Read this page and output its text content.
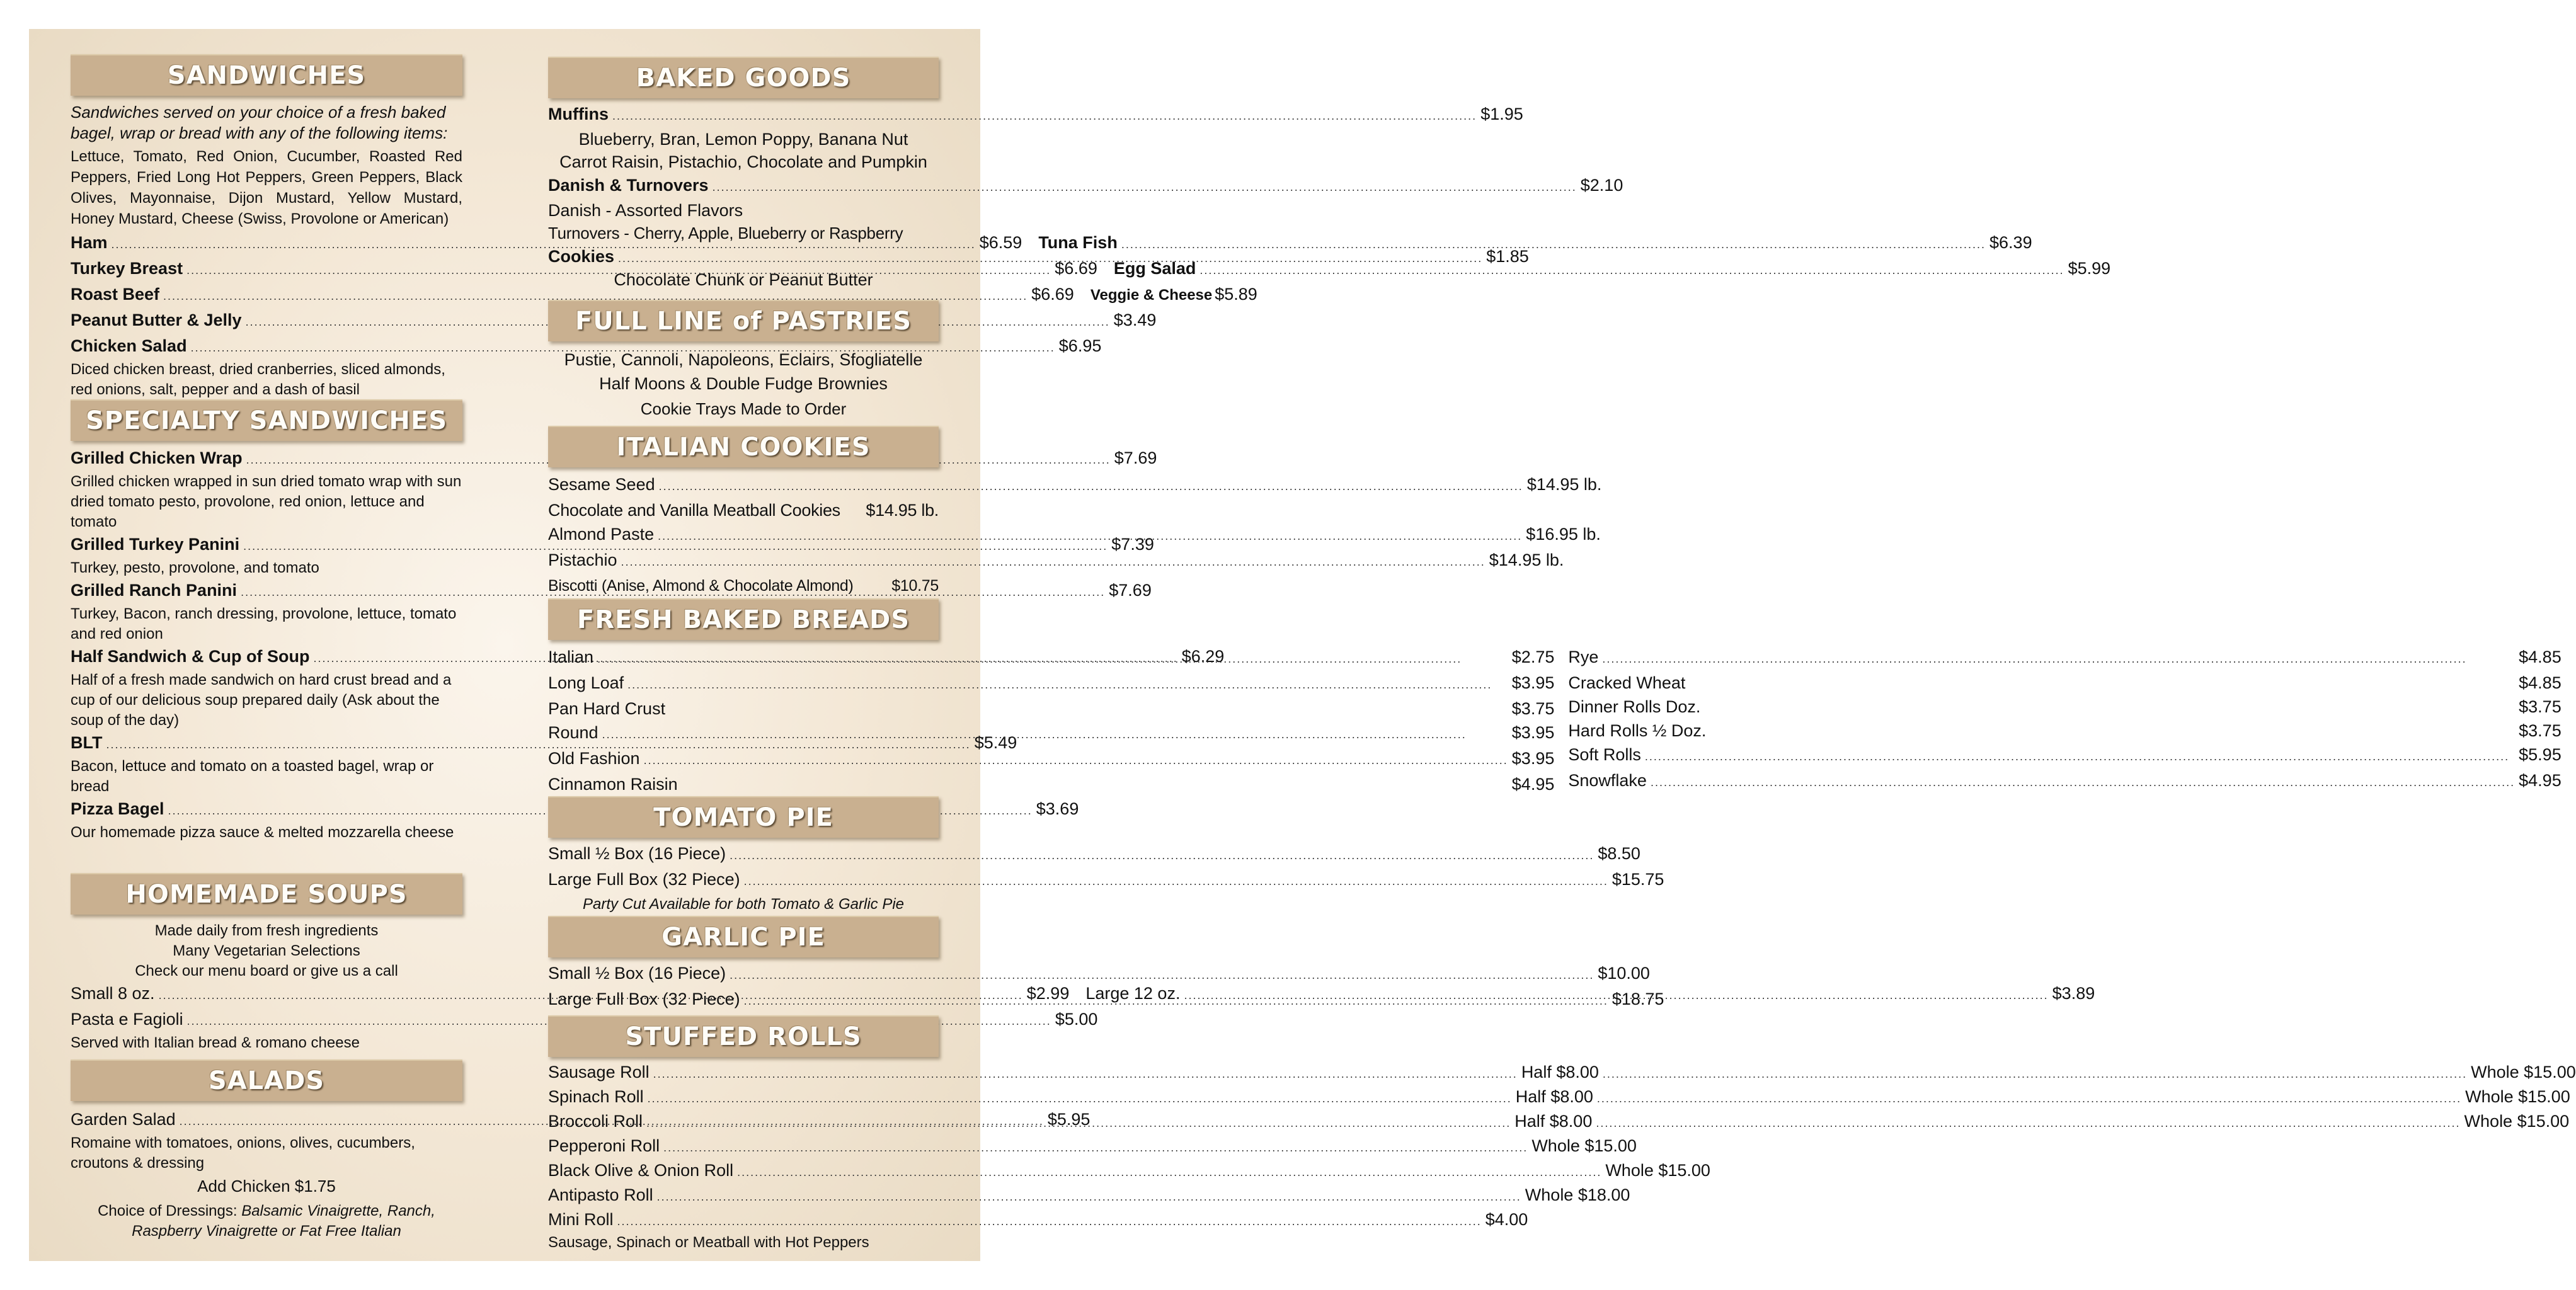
SANDWICHES
Sandwiches served on your choice of a fresh baked bagel, wrap or bread with any of the following items:
Lettuce, Tomato, Red Onion, Cucumber, Roasted Red Peppers, Fried Long Hot Peppers, Green Peppers, Black Olives, Mayonnaise, Dijon Mustard, Yellow Mustard, Honey Mustard, Cheese (Swiss, Provolone or American)
Ham .....	$6.59 Tuna Fish .....	$6.39
Turkey Breast .....	$6.69 Egg Salad .....	$5.99
Roast Beef .....	$6.69 Veggie & Cheese $5.89
Peanut Butter & Jelly .....	$3.49
Chicken Salad .....	$6.95
Diced chicken breast, dried cranberries, sliced almonds, red onions, salt, pepper and a dash of basil
SPECIALTY SANDWICHES
Grilled Chicken Wrap .....	$7.69
Grilled chicken wrapped in sun dried tomato wrap with sun dried tomato pesto, provolone, red onion, lettuce and tomato
Grilled Turkey Panini .....	$7.39
Turkey, pesto, provolone, and tomato
Grilled Ranch Panini .....	$7.69
Turkey, Bacon, ranch dressing, provolone, lettuce, tomato and red onion
Half Sandwich & Cup of Soup .....	$6.29
Half of a fresh made sandwich on hard crust bread and a cup of our delicious soup prepared daily (Ask about the soup of the day)
BLT .....	$5.49
Bacon, lettuce and tomato on a toasted bagel, wrap or bread
Pizza Bagel .....	$3.69
Our homemade pizza sauce & melted mozzarella cheese
HOMEMADE SOUPS
Made daily from fresh ingredients
Many Vegetarian Selections
Check our menu board or give us a call
Small 8 oz. .....	$2.99 Large 12 oz. .....	$3.89
Pasta e Fagioli .....	$5.00
Served with Italian bread & romano cheese
SALADS
Garden Salad .....	$5.95
Romaine with tomatoes, onions, olives, cucumbers, croutons & dressing
Add Chicken $1.75
Choice of Dressings: Balsamic Vinaigrette, Ranch,
Raspberry Vinaigrette or Fat Free Italian
BAKED GOODS
Muffins .....	$1.95
Blueberry, Bran, Lemon Poppy, Banana Nut
Carrot Raisin, Pistachio, Chocolate and Pumpkin
Danish & Turnovers .....	$2.10
Danish - Assorted Flavors
Turnovers - Cherry, Apple, Blueberry or Raspberry
Cookies .....	$1.85
Chocolate Chunk or Peanut Butter
FULL LINE of PASTRIES
Pustie, Cannoli, Napoleons, Eclairs, Sfogliatelle
Half Moons & Double Fudge Brownies
Cookie Trays Made to Order
ITALIAN COOKIES
Sesame Seed .....	$14.95 lb.
Chocolate and Vanilla Meatball Cookies $14.95 lb.
Almond Paste .....	$16.95 lb.
Pistachio .....	$14.95 lb.
Biscotti (Anise, Almond & Chocolate Almond) $10.75
FRESH BAKED BREADS
Italian .....	$2.75
Long Loaf .....	$3.95
Pan Hard Crust	$3.75
Round .....	$3.95
Old Fashion .....	$3.95
Cinnamon Raisin	$4.95
Rye .....	$4.85
Cracked Wheat	$4.85
Dinner Rolls Doz.	$3.75
Hard Rolls ½ Doz.	$3.75
Soft Rolls .....	$5.95
Snowflake .....	$4.95
TOMATO PIE
Small ½ Box (16 Piece) .....	$8.50
Large Full Box (32 Piece) .....	$15.75
Party Cut Available for both Tomato & Garlic Pie
GARLIC PIE
Small ½ Box (16 Piece) .....	$10.00
Large Full Box (32 Piece) .....	$18.75
STUFFED ROLLS
Sausage Roll .....	Half $8.00 .....	Whole $15.00
Spinach Roll .....	Half $8.00 .....	Whole $15.00
Broccoli Roll .....	Half $8.00 .....	Whole $15.00
Pepperoni Roll .....	Whole $15.00
Black Olive & Onion Roll .....	Whole $15.00
Antipasto Roll .....	Whole $18.00
Mini Roll .....	$4.00
Sausage, Spinach or Meatball with Hot Peppers
